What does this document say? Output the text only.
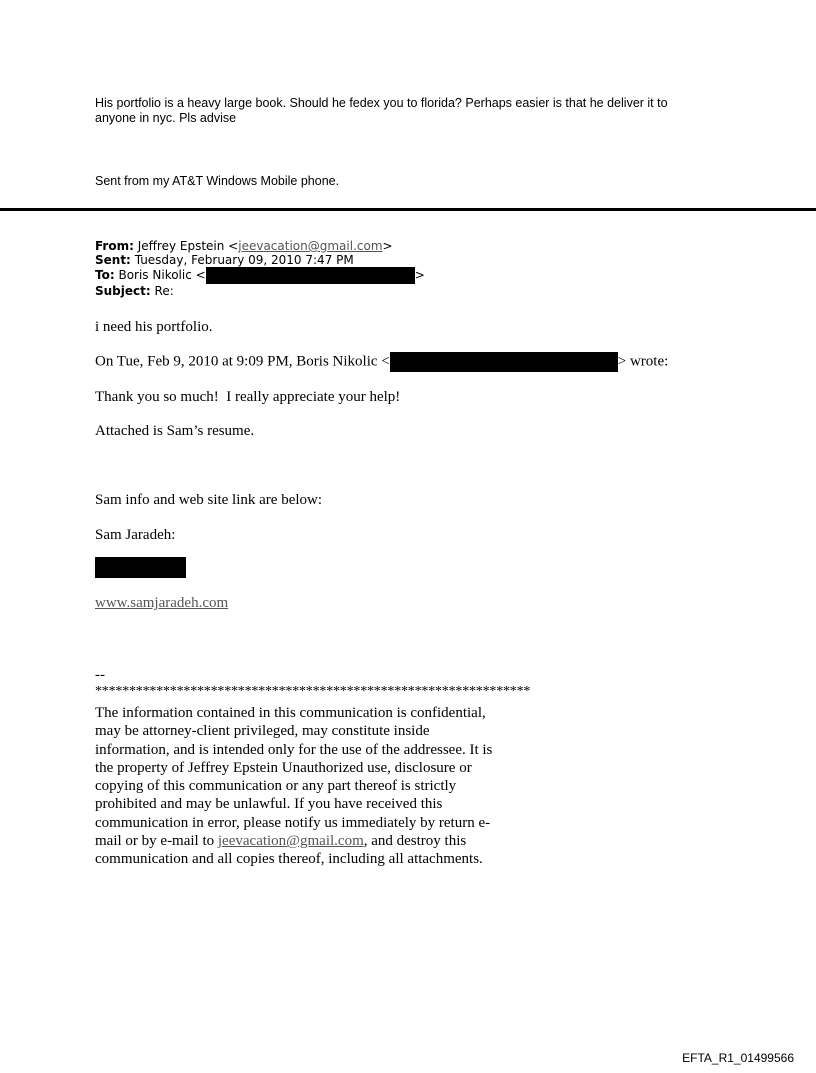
His portfolio is a heavy large book. Should he fedex you to florida? Perhaps easier is that he deliver it to
anyone in nyc. Pls advise
Sent from my AT&T Windows Mobile phone.
From: Jeffrey Epstein <jeevacation@gmail.com>
Sent: Tuesday, February 09, 2010 7:47 PM
To: Boris Nikolic <	>
Subject: Re:
i need his portfolio.
On Tue, Feb 9, 2010 at 9:09 PM, Boris Nikolic <	> wrote:
Thank you so much!  I really appreciate your help!
Attached is Sam’s resume.
Sam info and web site link are below:
Sam Jaradeh:
www.samjaradeh.com
--
****************************************************************
The information contained in this communication is confidential, may be attorney-client privileged, may constitute inside information, and is intended only for the use of the addressee. It is the property of Jeffrey Epstein Unauthorized use, disclosure or copying of this communication or any part thereof is strictly prohibited and may be unlawful. If you have received this communication in error, please notify us immediately by return e-mail or by e-mail to jeevacation@gmail.com, and destroy this communication and all copies thereof, including all attachments.
EFTA_R1_01499566
